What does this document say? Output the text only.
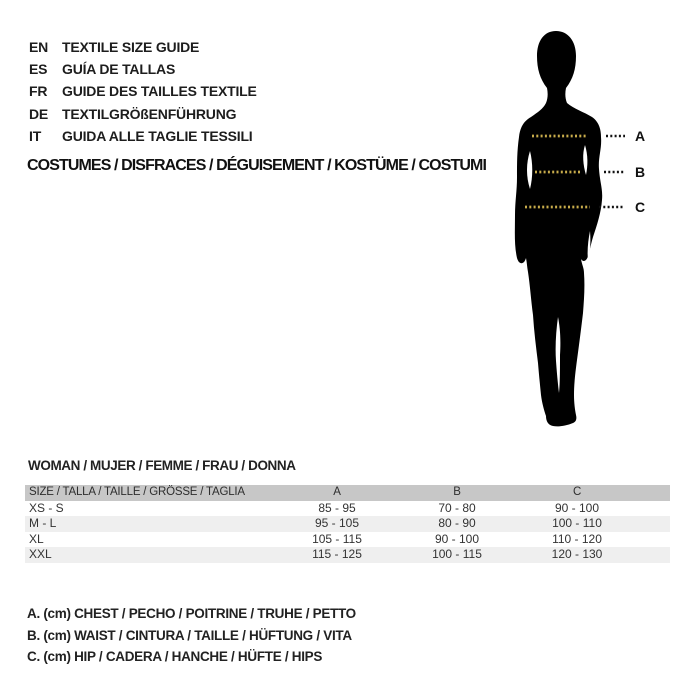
EN TEXTILE SIZE GUIDE
ES	GUÍA DE TALLAS
FR	GUIDE DES TAILLES TEXTILE
DE TEXTILGRÖßENFÜHRUNG
IT	GUIDA ALLE TAGLIE TESSILI
COSTUMES / DISFRACES / DÉGUISEMENT / KOSTÜME / COSTUMI
A
B
C
WOMAN / MUJER / FEMME / FRAU / DONNA
SIZE / TALLA / TAILLE / GRÖSSE / TAGLIA	A	B	C	
XS - S	85 - 95	70 - 80	90 - 100	
M - L	95 - 105	80 - 90	100 - 110	
XL	105 - 115	90 - 100	110 - 120	
XXL	115 - 125	100 - 115	120 - 130	
A. (cm) CHEST / PECHO / POITRINE / TRUHE / PETTO
B. (cm) WAIST / CINTURA / TAILLE / HÜFTUNG / VITA
C. (cm) HIP / CADERA / HANCHE / HÜFTE / HIPS
